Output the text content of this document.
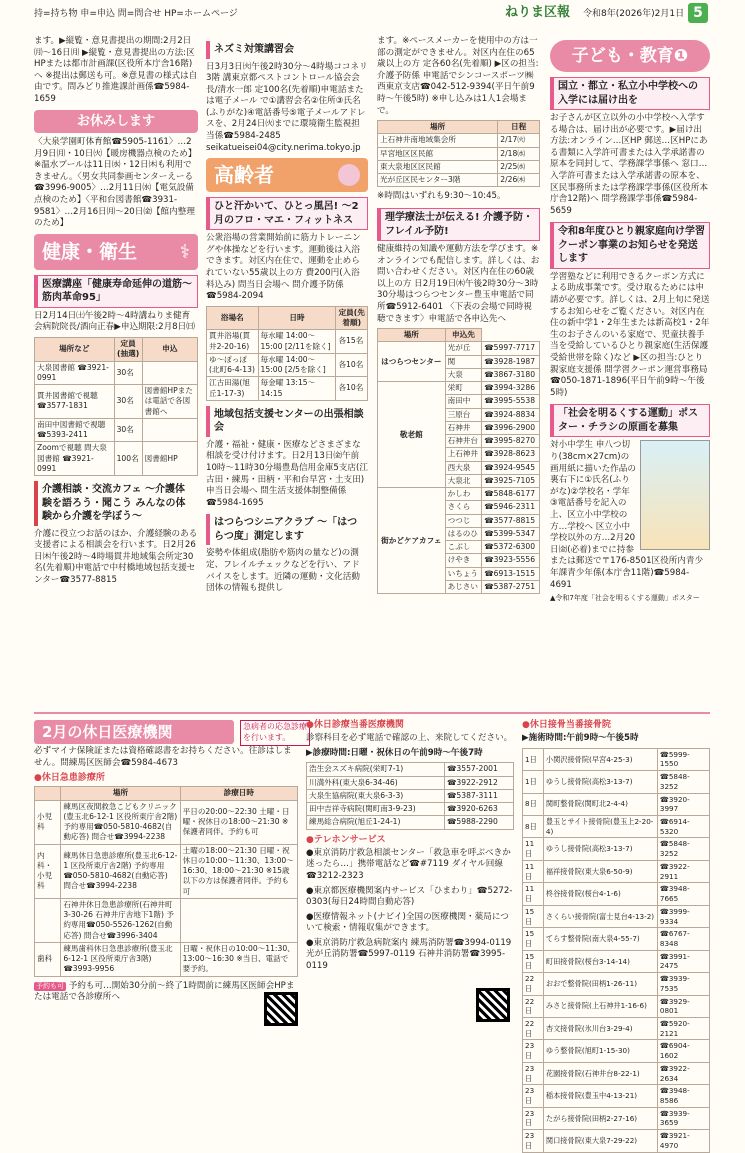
持=持ち物 申=申込 問=問合せ HP=ホームページ	ねりま区報 令和8年(2026年)2月1日 5

ます。▶縦覧・意見書提出の期間:2月2日㈪〜16日㈪ ▶縦覧・意見書提出の方法:区HPまたは都市計画課(区役所本庁舎16階)へ ※提出は郵送も可。※意見書の様式は自由です。問みどり推進課計画係☎5984-1659

お休みします

〈大泉学園町体育館☎5905-1161〉…2月9日㈪・10日㈫【暖房機器点検のため】※温水プールは11日㈬・12日㈭も利用できません。〈男女共同参画センターえーる☎3996-9005〉…2月11日㈬【電気設備点検のため】〈平和台図書館☎3931-9581〉…2月16日㈪〜20日㈮【館内整理のため】

健康・衛生 ⚕
医療講座「健康寿命延伸の道筋〜筋肉革命95」

日2月14日㈯午後2時〜4時講ねりま健育会病院院長/酒向正春▶申込期限:2月8日㈰

場所など	定員(抽選)	申込
大泉図書館 ☎3921-0991	30名	
貫井図書館で視聴 ☎3577-1831	30名	図書館HPまたは電話で各図書館へ
南田中図書館で視聴 ☎5393-2411	30名	
Zoomで視聴 問大泉図書館 ☎3921-0991	100名	図書館HP
介護相談・交流カフェ 〜介護体験を語ろう・聞こう みんなの体験から介護を学ぼう〜

介護に役立つお話のほか、介護経験のある支援者による相談会を行います。日2月26日㈭午後2時〜4時場貫井地域集会所定30名(先着順)申電話で中村橋地域包括支援センター☎3577-8815

ネズミ対策講習会

日3月3日㈫午後2時30分〜4時場ココネリ3階 講東京都ペストコントロール協会会長/清水一郎 定100名(先着順)申電話または電子メール で①講習会名②住所③氏名(ふりがな)④電話番号⑤電子メールアドレスを、2月24日㈫までに環境衛生監視担当係☎5984-2485 seikatueisei04@city.nerima.tokyo.jp

高齢者
ひと汗かいて、ひとっ風呂! 〜2月のフロ・マエ・フィットネス

公衆浴場の営業開始前に筋力トレーニングや体操などを行います。運動後は入浴できます。対区内在住で、運動を止められていない55歳以上の方 費200円(入浴料込み) 問当日会場へ 問介護予防係☎5984-2094

浴場名	日時	定員(先着順)
貫井浴場(貫井2-20-16)	毎水曜 14:00〜15:00 [2/11を除く]	各15名
ゆ〜ぽっぽ(北町6-4-13)	毎水曜 14:00〜15:00 [2/5を除く]	各10名
江古田湯(旭丘1-17-3)	毎金曜 13:15〜14:15	各10名
地域包括支援センターの出張相談会

介護・福祉・健康・医療などさまざまな相談を受け付けます。日2月13日㈮午前10時〜11時30分場豊島信用金庫5支店(江古田・練馬・田柄・平和台早宮・土支田) 申当日会場へ 問生活支援体制整備係☎5984-1695

はつらつシニアクラブ 〜「はつらつ度」測定します

姿勢や体組成(脂肪や筋肉の量など)の測定、フレイルチェックなどを行い、アドバイスをします。近隣の運動・文化活動団体の情報も提供し

ます。※ペースメーカーを使用中の方は一部の測定ができません。対区内在住の65歳以上の方 定各60名(先着順) ▶区の担当:介護予防係 申電話でシンコースポーツ㈱西東京支店☎042-512-9394(平日午前9時〜午後5時) ※申し込みは1人1会場まで。

場所	日程
上石神井南地域集会所	2/17㈫
早宮地区区民館	2/18㈬
東大泉地区区民館	2/25㈬
光が丘区民センター3階	2/26㈭

※時間はいずれも9:30〜10:45。

理学療法士が伝える! 介護予防・フレイル予防!

健康維持の知識や運動方法を学びます。※オンラインでも配信します。詳しくは、お問い合わせください。対区内在住の60歳以上の方 日2月19日㈭午後2時30分〜3時30分場はつらつセンター豊玉申電話で同所☎5912-6401 〈下表の会場で同時視聴できます〉申電話で各申込先へ

場所	申込先	
はつらつセンター	光が丘	☎5997-7717
	関	☎3928-1987
	大泉	☎3867-3180
敬老館	栄町	☎3994-3286
	南田中	☎3995-5538
	三原台	☎3924-8834
	石神井	☎3996-2900
	石神井台	☎3995-8270
	上石神井	☎3928-8623
	西大泉	☎3924-9545
	大泉北	☎3925-7105
街かどケアカフェ	かしわ	☎5848-6177
	さくら	☎5946-2311
	つつじ	☎3577-8815
	はるのひ	☎5399-5347
	こぶし	☎5372-6300
	けやき	☎3923-5556
	いちょう	☎6913-1515
	あじさい	☎5387-2751
子ども・教育❶
国立・都立・私立小中学校への入学には届け出を

お子さんが区立以外の小中学校へ入学する場合は、届け出が必要です。▶届け出方法:オンライン…区HP 郵送…区HPにある書類に入学許可書または入学承諾書の原本を同封して、学務課学事係へ 窓口…入学許可書または入学承諾書の原本を、区民事務所または学務課学事係(区役所本庁舎12階)へ 問学務課学事係☎5984-5659

令和8年度ひとり親家庭向け学習クーポン事業のお知らせを発送します

学習塾などに利用できるクーポン方式による助成事業です。受け取るためには申請が必要です。詳しくは、2月上旬に発送するお知らせをご覧ください。対区内在住の新中学1・2年生または新高校1・2年生のお子さんのいる家庭で、児童扶養手当を受給しているひとり親家庭(生活保護受給世帯を除く)など ▶区の担当:ひとり親家庭支援係 問学習クーポン運営事務局☎050-1871-1896(平日午前9時〜午後5時)

「社会を明るくする運動」ポスター・チラシの原画を募集

対小中学生 申八つ切り(38cm×27cm)の画用紙に描いた作品の裏右下に①氏名(ふりがな)②学校名・学年③電話番号を記入の上、区立小中学校の方…学校へ 区立小中学校以外の方…2月20日㈮(必着)までに持参または郵送で〒176-8501区役所内青少年課青少年係(本庁舎11階)☎5984-4691

▲令和7年度「社会を明るくする運動」ポスター

2月の休日医療機関	急病者の応急診療を行います。

必ずマイナ保険証または資格確認書をお持ちください。往診はしません。問練馬区医師会☎5984-4673

●休日急患診療所
	場所	診療日時
小児科	練馬区夜間救急こどもクリニック(豊玉北6-12-1 区役所東庁舎2階) 予約専用☎050-5810-4682(自動応答) 問合せ☎3994-2238	平日の20:00〜22:30 土曜・日曜・祝休日の18:00〜21:30 ※保護者同伴。予約も可
内科・小児科	練馬休日急患診療所(豊玉北6-12-1 区役所東庁舎2階) 予約専用☎050-5810-4682(自動応答) 問合せ☎3994-2238	土曜の18:00〜21:30 日曜・祝休日の10:00〜11:30、13:00〜16:30、18:00〜21:30 ※15歳以下の方は保護者同伴。予約も可
	石神井休日急患診療所(石神井町3-30-26 石神井庁舎地下1階) 予約専用☎050-5526-1262(自動応答) 問合せ☎3996-3404	
歯科	練馬歯科休日急患診療所(豊玉北6-12-1 区役所東庁舎3階) ☎3993-9956	日曜・祝休日の10:00〜11:30、13:00〜16:30 ※当日、電話で要予約。

予約も可 予約も可…開始30分前〜終了1時間前に練馬区医師会HPまたは電話で各診療所へ

●休日診療当番医療機関

診察科目を必ず電話で確認の上、来院してください。

▶診療時間:日曜・祝休日の午前9時〜午後7時

浩生会スズキ病院(栄町7-1)	☎3557-2001
川満外科(東大泉6-34-46)	☎3922-2912
大泉生協病院(東大泉6-3-3)	☎5387-3111
田中吉祥寺病院(関町南3-9-23)	☎3920-6263
練馬総合病院(旭丘1-24-1)	☎5988-2290
●テレホンサービス

●東京消防庁救急相談センター「救急車を呼ぶべきか迷ったら…」携帯電話など☎#7119 ダイヤル回線☎3212-2323

●東京都医療機関案内サービス「ひまわり」☎5272-0303(毎日24時間自動応答)

●医療情報ネット(ナビイ)全国の医療機関・薬局について検索・情報収集ができます。

●東京消防庁救急病院案内 練馬消防署☎3994-0119 光が丘消防署☎5997-0119 石神井消防署☎3995-0119

●休日接骨当番接骨院

▶施術時間:午前9時〜午後5時

1日	小関沢接骨院(早宮4-25-3)	☎5999-1550
1日	ゆうし接骨院(高松3-13-7)	☎5848-3252
8日	関町整骨院(関町北2-4-4)	☎3920-3997
8日	豊玉とサイト接骨院(豊玉上2-20-4)	☎6914-5320
11日	ゆうし接骨院(高松3-13-7)	☎5848-3252
11日	福祥接骨院(東大泉6-50-9)	☎3922-2911
11日	柊谷接骨院(桜台4-1-6)	☎3948-7665
15日	さくらい接骨院(富士見台4-13-2)	☎3999-9334
15日	てらす整骨院(南大泉4-55-7)	☎6767-8348
15日	町田接骨院(桜台3-14-14)	☎3991-2475
22日	おおで整骨院(田柄1-26-11)	☎3939-7535
22日	みさと接骨院(上石神井1-16-6)	☎3929-0801
22日	杏文接骨院(氷川台3-29-4)	☎5920-2121
23日	ゆう整骨院(旭町1-15-30)	☎6904-1602
23日	花園接骨院(石神井台8-22-1)	☎3922-2634
23日	稲本接骨院(豊玉中4-13-21)	☎3948-8586
23日	たがら接骨院(田柄2-27-16)	☎3939-3659
23日	関口接骨院(東大泉7-29-22)	☎3921-4970
